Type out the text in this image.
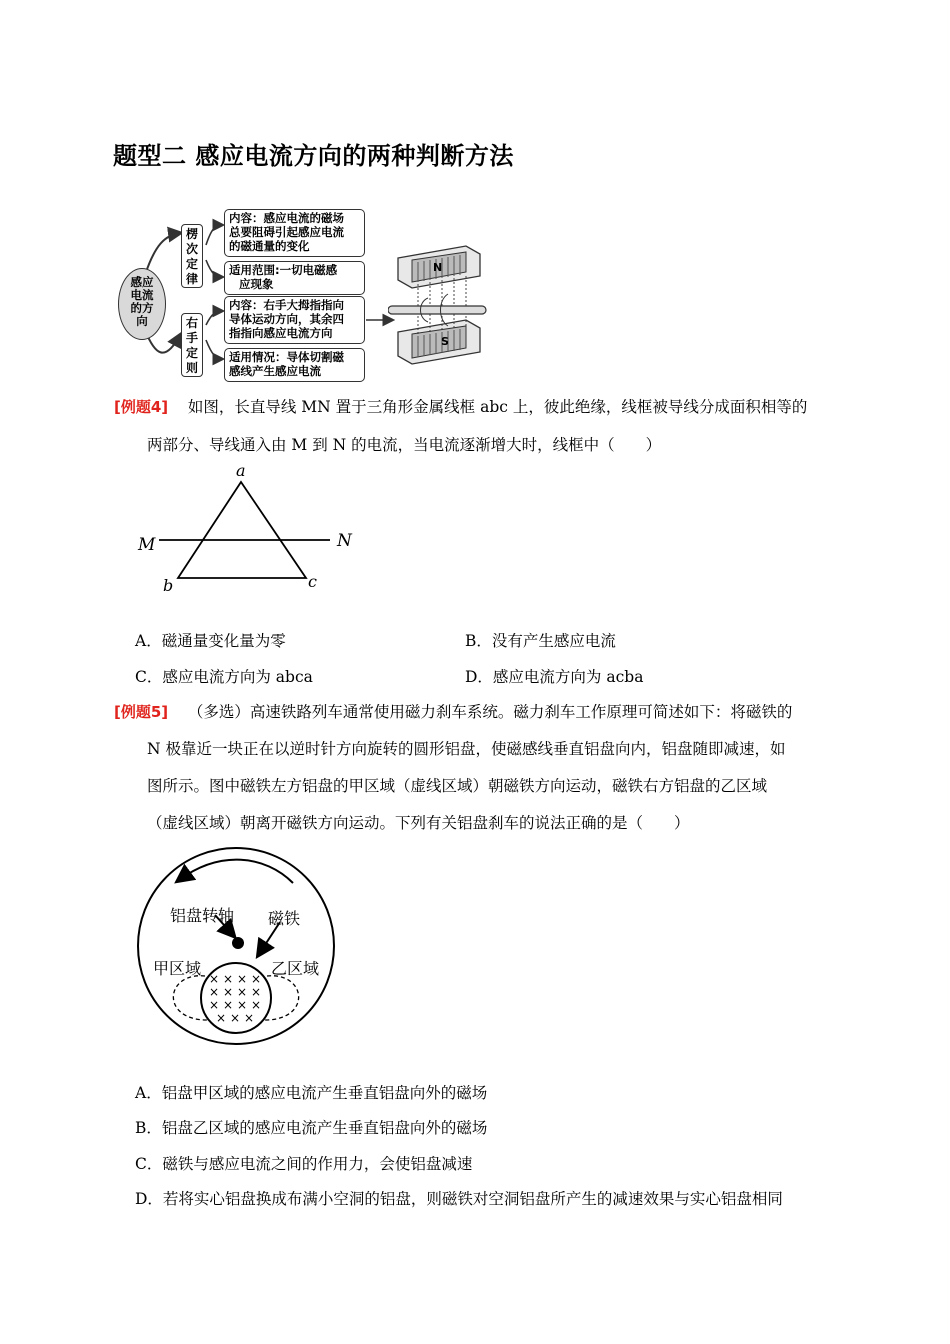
题型二 感应电流方向的两种判断方法
感应
电流
的方
向
楞
次
定
律
右
手
定
则
内容：感应电流的磁场
总要阻碍引起感应电流
的磁通量的变化
适用范围:一切电磁感
应现象
内容：右手大拇指指向
导体运动方向，其余四
指指向感应电流方向
适用情况：导体切割磁
感线产生感应电流
N
S
[例题4] 如图，长直导线 MN 置于三角形金属线框 abc 上，彼此绝缘，线框被导线分成面积相等的
两部分、导线通入由 M 到 N 的电流，当电流逐渐增大时，线框中（　　）
a
b	c
M	N
A．磁通量变化量为零	B．没有产生感应电流
C．感应电流方向为 abca	D．感应电流方向为 acba
[例题5] （多选）高速铁路列车通常使用磁力刹车系统。磁力刹车工作原理可简述如下：将磁铁的
N 极靠近一块正在以逆时针方向旋转的圆形铝盘，使磁感线垂直铝盘向内，铝盘随即减速，如
图所示。图中磁铁左方铝盘的甲区域（虚线区域）朝磁铁方向运动，磁铁右方铝盘的乙区域
（虚线区域）朝离开磁铁方向运动。下列有关铝盘刹车的说法正确的是（　　）
× × × ×
× × × ×
× × × ×
× × ×
铝盘转轴 磁铁
甲区域	乙区域
A．铝盘甲区域的感应电流产生垂直铝盘向外的磁场
B．铝盘乙区域的感应电流产生垂直铝盘向外的磁场
C．磁铁与感应电流之间的作用力，会使铝盘减速
D．若将实心铝盘换成布满小空洞的铝盘，则磁铁对空洞铝盘所产生的减速效果与实心铝盘相同
